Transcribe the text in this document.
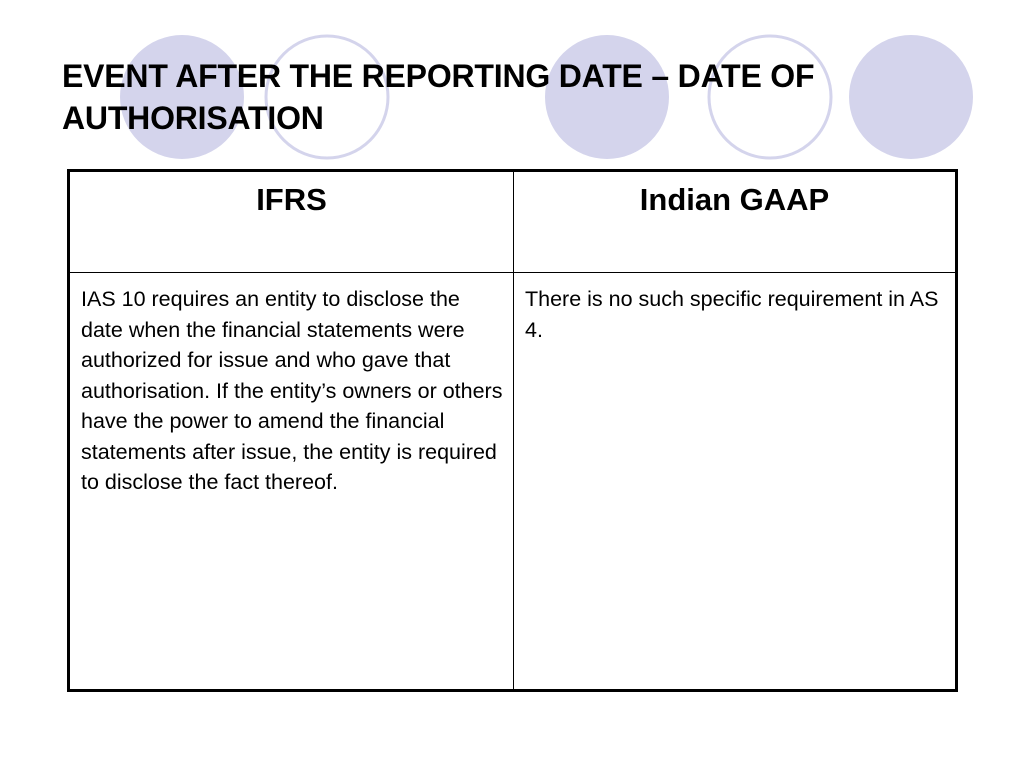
EVENT AFTER THE REPORTING DATE – DATE OF AUTHORISATION
IFRS	Indian GAAP
IAS 10 requires an entity to disclose the date when the financial statements were authorized for issue and who gave that authorisation. If the entity’s owners or others have the power to amend the financial statements after issue, the entity is required to disclose the fact thereof.
There is no such specific requirement in AS 4.
